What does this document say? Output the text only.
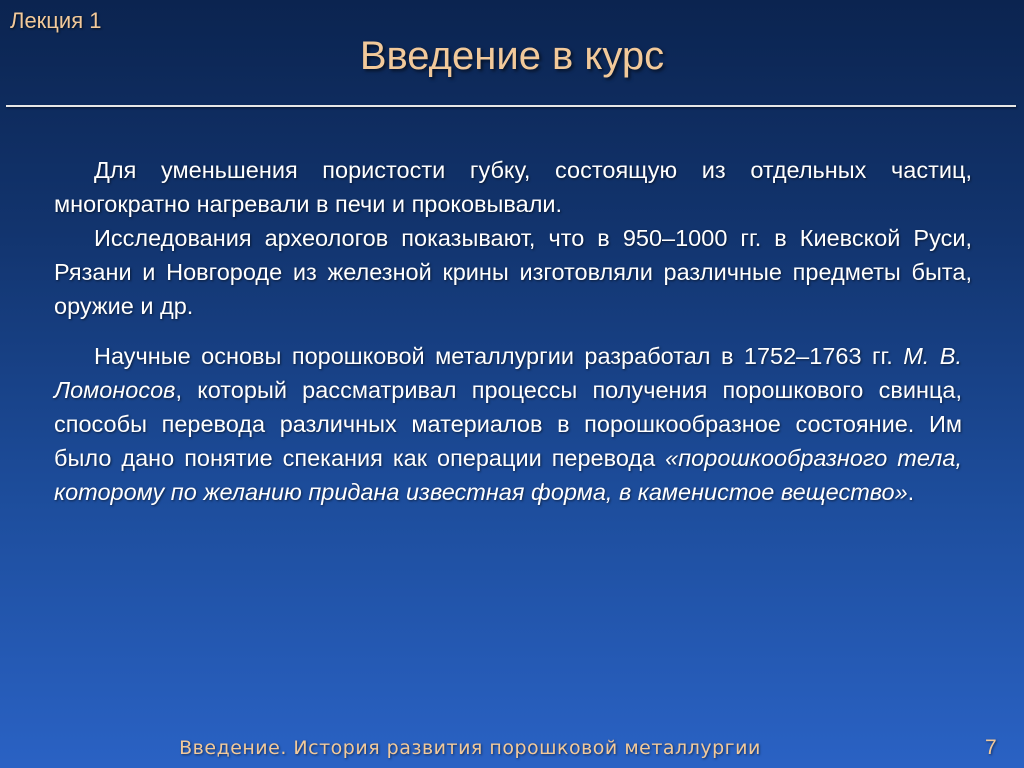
Лекция 1
Введение в курс

Для уменьшения пористости губку, состоящую из отдельных частиц, многократно нагревали в печи и проковывали.

Исследования археологов показывают, что в 950–1000 гг. в Киевской Руси, Рязани и Новгороде из железной крины изготовляли различные предметы быта, оружие и др.

Научные основы порошковой металлургии разработал в 1752–1763 гг. М. В. Ломоносов, который рассматривал процессы получения порошкового свинца, способы перевода различных материалов в порошкообразное состояние. Им было дано понятие спекания как операции перевода «порошкообразного тела, которому по желанию придана известная форма, в каменистое вещество».

Введение. История развития порошковой металлургии	7
